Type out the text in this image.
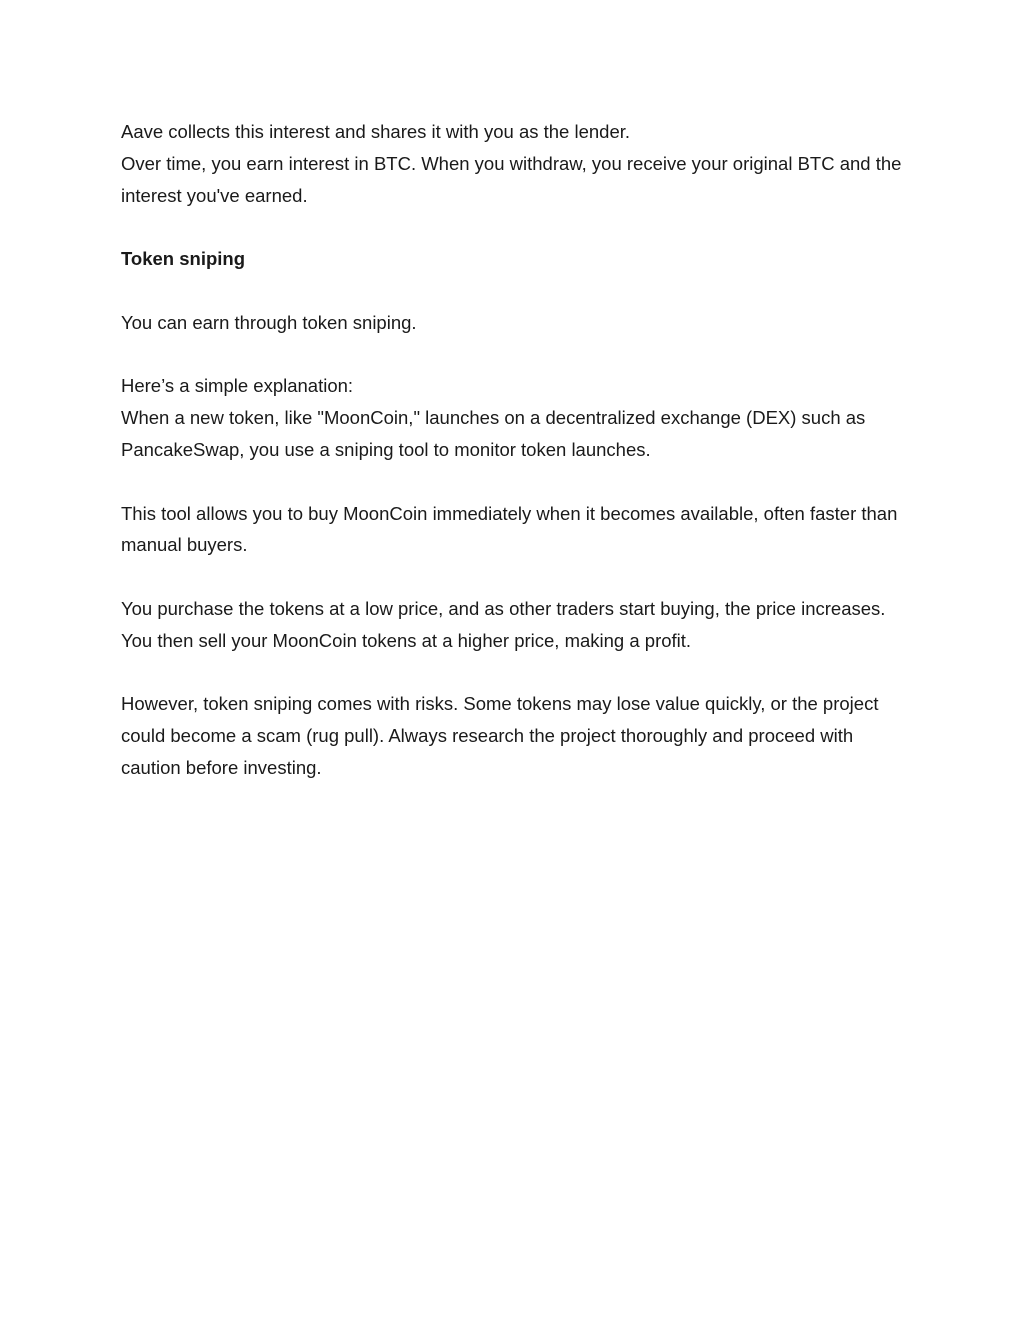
Aave collects this interest and shares it with you as the lender.
Over time, you earn interest in BTC. When you withdraw, you receive your original BTC and the
interest you've earned.
Token sniping
You can earn through token sniping.
Here’s a simple explanation:
When a new token, like "MoonCoin," launches on a decentralized exchange (DEX) such as
PancakeSwap, you use a sniping tool to monitor token launches.
This tool allows you to buy MoonCoin immediately when it becomes available, often faster than
manual buyers.
You purchase the tokens at a low price, and as other traders start buying, the price increases.
You then sell your MoonCoin tokens at a higher price, making a profit.
However, token sniping comes with risks. Some tokens may lose value quickly, or the project
could become a scam (rug pull). Always research the project thoroughly and proceed with
caution before investing.
